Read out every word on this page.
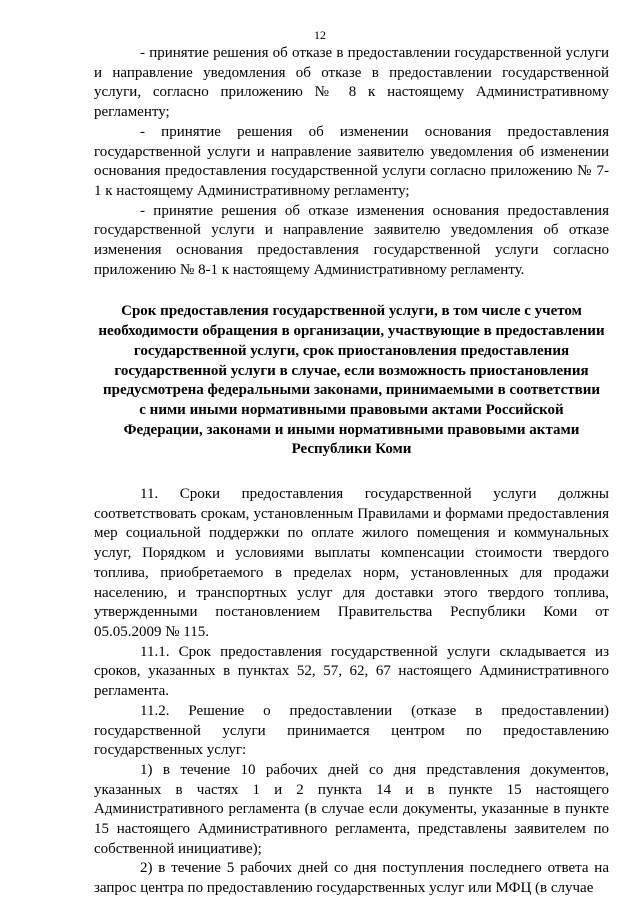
12

- принятие решения об отказе в предоставлении государственной услуги и направление уведомления об отказе в предоставлении государственной услуги, согласно приложению № 8 к настоящему Административному регламенту;

- принятие решения об изменении основания предоставления государственной услуги и направление заявителю уведомления об изменении основания предоставления государственной услуги согласно приложению № 7-1 к настоящему Административному регламенту;

- принятие решения об отказе изменения основания предоставления государственной услуги и направление заявителю уведомления об отказе изменения основания предоставления государственной услуги согласно приложению № 8-1 к настоящему Административному регламенту.

Срок предоставления государственной услуги, в том числе с учетом необходимости обращения в организации, участвующие в предоставлении государственной услуги, срок приостановления предоставления государственной услуги в случае, если возможность приостановления предусмотрена федеральными законами, принимаемыми в соответствии с ними иными нормативными правовыми актами Российской Федерации, законами и иными нормативными правовыми актами Республики Коми

11. Сроки предоставления государственной услуги должны соответствовать срокам, установленным Правилами и формами предоставления мер социальной поддержки по оплате жилого помещения и коммунальных услуг, Порядком и условиями выплаты компенсации стоимости твердого топлива, приобретаемого в пределах норм, установленных для продажи населению, и транспортных услуг для доставки этого твердого топлива, утвержденными постановлением Правительства Республики Коми от 05.05.2009 № 115.

11.1. Срок предоставления государственной услуги складывается из сроков, указанных в пунктах 52, 57, 62, 67 настоящего Административного регламента.

11.2. Решение о предоставлении (отказе в предоставлении) государственной услуги принимается центром по предоставлению государственных услуг:

1) в течение 10 рабочих дней со дня представления документов, указанных в частях 1 и 2 пункта 14 и в пункте 15 настоящего Административного регламента (в случае если документы, указанные в пункте 15 настоящего Административного регламента, представлены заявителем по собственной инициативе);

2) в течение 5 рабочих дней со дня поступления последнего ответа на запрос центра по предоставлению государственных услуг или МФЦ (в случае
